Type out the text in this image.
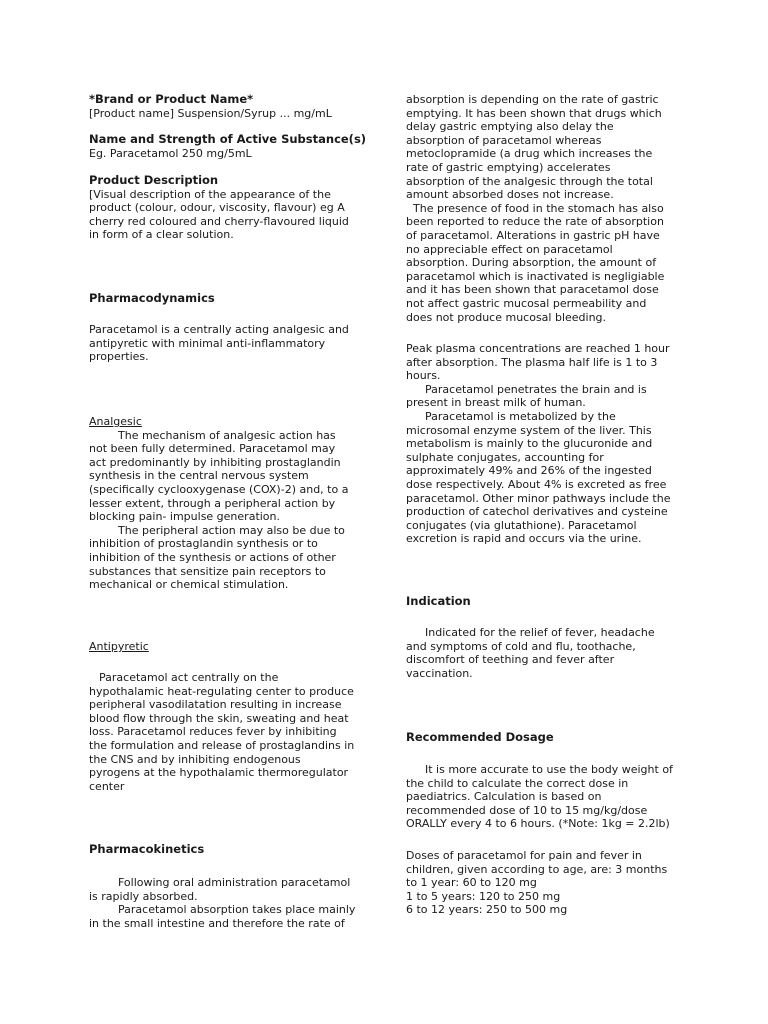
*Brand or Product Name*

[Product name] Suspension/Syrup ... mg/mL

Name and Strength of Active Substance(s)

Eg. Paracetamol 250 mg/5mL

Product Description

[Visual description of the appearance of the

product (colour, odour, viscosity, flavour) eg A

cherry red coloured and cherry-flavoured liquid

in form of a clear solution.

Pharmacodynamics

Paracetamol is a centrally acting analgesic and

antipyretic with minimal anti-inflammatory

properties.

Analgesic

The mechanism of analgesic action has

not been fully determined. Paracetamol may

act predominantly by inhibiting prostaglandin

synthesis in the central nervous system

(specifically cyclooxygenase (COX)-2) and, to a

lesser extent, through a peripheral action by

blocking pain- impulse generation.

The peripheral action may also be due to

inhibition of prostaglandin synthesis or to

inhibition of the synthesis or actions of other

substances that sensitize pain receptors to

mechanical or chemical stimulation.

Antipyretic

Paracetamol act centrally on the

hypothalamic heat-regulating center to produce

peripheral vasodilatation resulting in increase

blood flow through the skin, sweating and heat

loss. Paracetamol reduces fever by inhibiting

the formulation and release of prostaglandins in

the CNS and by inhibiting endogenous

pyrogens at the hypothalamic thermoregulator

center

Pharmacokinetics

Following oral administration paracetamol

is rapidly absorbed.

Paracetamol absorption takes place mainly

in the small intestine and therefore the rate of

absorption is depending on the rate of gastric

emptying. It has been shown that drugs which

delay gastric emptying also delay the

absorption of paracetamol whereas

metoclopramide (a drug which increases the

rate of gastric emptying) accelerates

absorption of the analgesic through the total

amount absorbed doses not increase.

The presence of food in the stomach has also

been reported to reduce the rate of absorption

of paracetamol. Alterations in gastric pH have

no appreciable effect on paracetamol

absorption. During absorption, the amount of

paracetamol which is inactivated is negligiable

and it has been shown that paracetamol dose

not affect gastric mucosal permeability and

does not produce mucosal bleeding.

Peak plasma concentrations are reached 1 hour

after absorption. The plasma half life is 1 to 3

hours.

Paracetamol penetrates the brain and is

present in breast milk of human.

Paracetamol is metabolized by the

microsomal enzyme system of the liver. This

metabolism is mainly to the glucuronide and

sulphate conjugates, accounting for

approximately 49% and 26% of the ingested

dose respectively. About 4% is excreted as free

paracetamol. Other minor pathways include the

production of catechol derivatives and cysteine

conjugates (via glutathione). Paracetamol

excretion is rapid and occurs via the urine.

Indication

Indicated for the relief of fever, headache

and symptoms of cold and flu, toothache,

discomfort of teething and fever after

vaccination.

Recommended Dosage

It is more accurate to use the body weight of

the child to calculate the correct dose in

paediatrics. Calculation is based on

recommended dose of 10 to 15 mg/kg/dose

ORALLY every 4 to 6 hours. (*Note: 1kg = 2.2lb)

Doses of paracetamol for pain and fever in

children, given according to age, are: 3 months

to 1 year: 60 to 120 mg

1 to 5 years: 120 to 250 mg

6 to 12 years: 250 to 500 mg
